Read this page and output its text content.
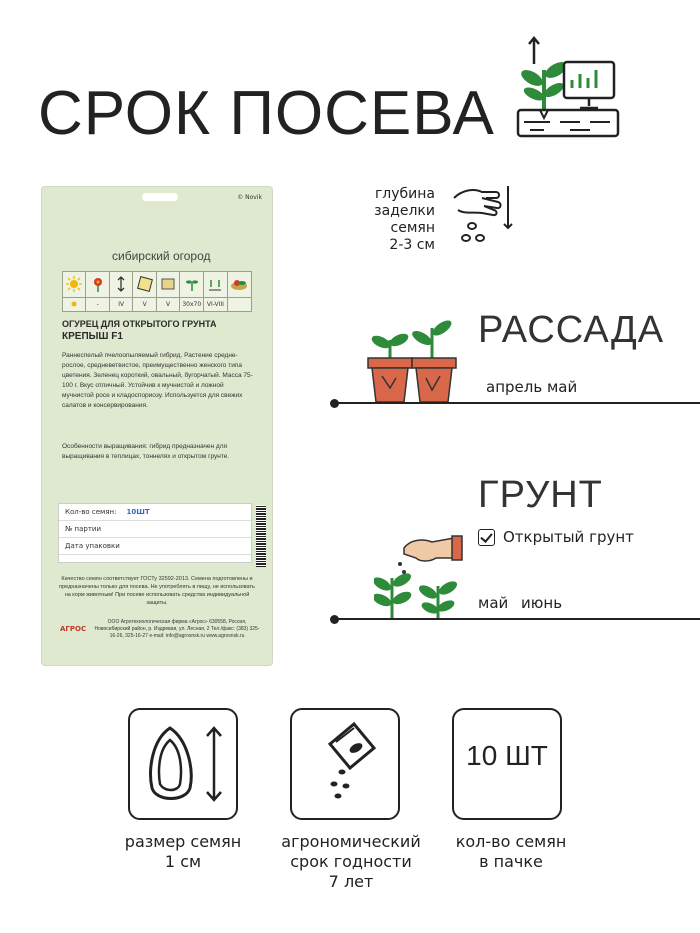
СРОК ПОСЕВА
© Novik
сибирский огород

	-	IV	V	V	30x70	VI-VIII	
ОГУРЕЦ ДЛЯ ОТКРЫТОГО ГРУНТА
КРЕПЫШ F1
Раннеспелый пчелоопыляемый гибрид. Растение средне-рослое, средневетвистое, преимущественно женского типа цветения. Зеленец короткий, овальный, бугорчатый. Масса 75-100 г. Вкус отличный. Устойчив к мучнистой и ложной мучнистой росе и кладоспориозу. Используется для свежих салатов и консервирования.
Особенности выращивания: гибрид предназначен для выращивания в теплицах, тоннелях и открытом грунте.
Кол-во семян: 10ШТ
№ партии
Дата упаковки
Качество семян соответствует ГОСТу 32592-2013. Семена подготовлены и предназначены только для посева. Не употреблять в пищу, не использовать на корм животным! При посеве использовать средства индивидуальной защиты.
АГРОС
ООО Агротехнологическая фирма «Агрос» 630558, Россия, Новосибирский район, р. Издревая, ул. Лесная, 2 Тел./факс: (383) 325-16-26, 325-16-27 e-mail: info@agrosnsk.ru www.agrosnsk.ru
глубина
заделки
семян
2-3 см
РАССАДА
апрель май
ГРУНТ
Открытый грунт
май июнь
10 ШТ
размер семян
1 см
агрономический
срок годности
7 лет
кол-во семян
в пачке
